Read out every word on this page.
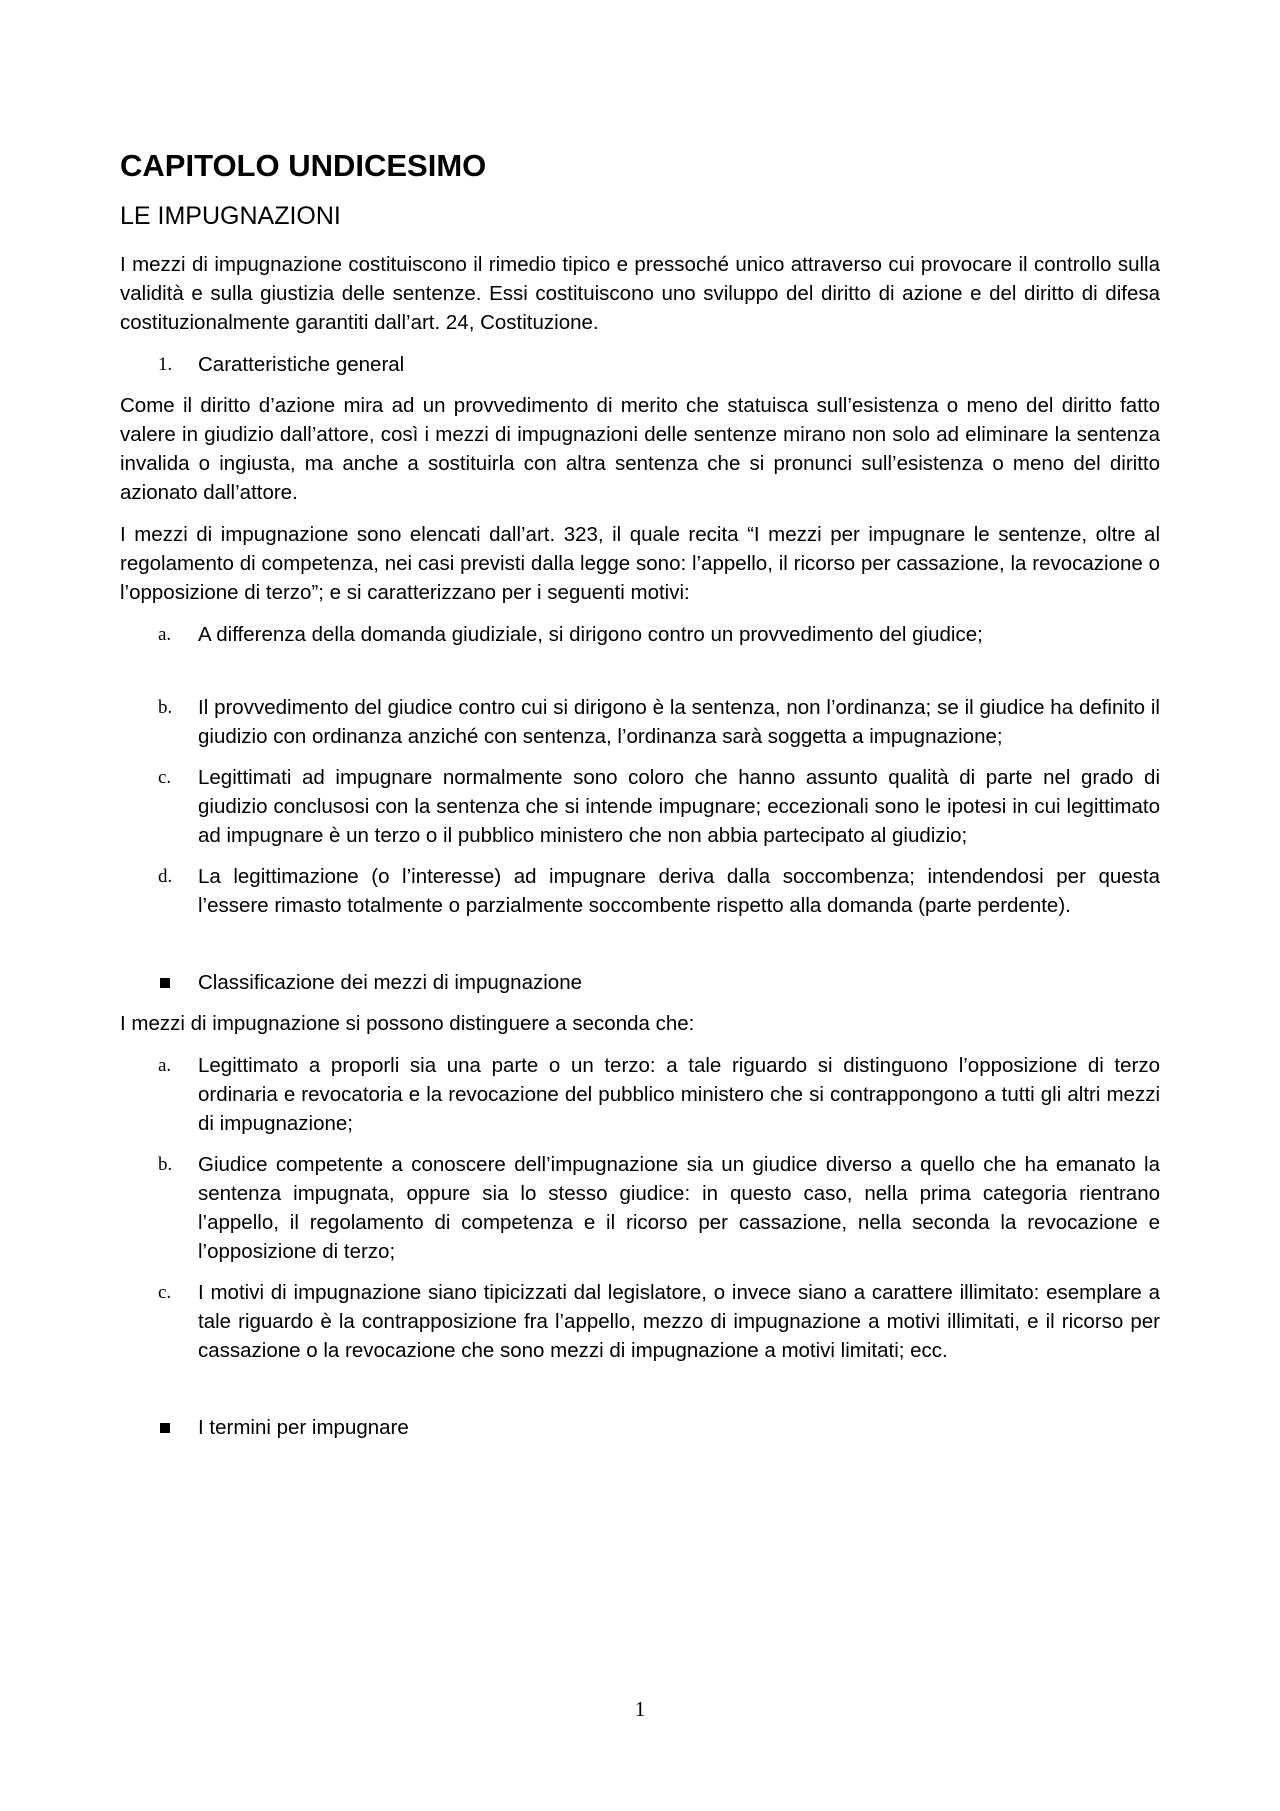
CAPITOLO UNDICESIMO
LE IMPUGNAZIONI

I mezzi di impugnazione costituiscono il rimedio tipico e pressoché unico attraverso cui provocare il controllo sulla validità e sulla giustizia delle sentenze. Essi costituiscono uno sviluppo del diritto di azione e del diritto di difesa costituzionalmente garantiti dall’art. 24, Costituzione.

1. Caratteristiche general

Come il diritto d’azione mira ad un provvedimento di merito che statuisca sull’esistenza o meno del diritto fatto valere in giudizio dall’attore, così i mezzi di impugnazioni delle sentenze mirano non solo ad eliminare la sentenza invalida o ingiusta, ma anche a sostituirla con altra sentenza che si pronunci sull’esistenza o meno del diritto azionato dall’attore.

I mezzi di impugnazione sono elencati dall’art. 323, il quale recita “I mezzi per impugnare le sentenze, oltre al regolamento di competenza, nei casi previsti dalla legge sono: l’appello, il ricorso per cassazione, la revocazione o l’opposizione di terzo”; e si caratterizzano per i seguenti motivi:

a. A differenza della domanda giudiziale, si dirigono contro un provvedimento del giudice;
b. Il provvedimento del giudice contro cui si dirigono è la sentenza, non l’ordinanza; se il giudice ha definito il giudizio con ordinanza anziché con sentenza, l’ordinanza sarà soggetta a impugnazione;
c. Legittimati ad impugnare normalmente sono coloro che hanno assunto qualità di parte nel grado di giudizio conclusosi con la sentenza che si intende impugnare; eccezionali sono le ipotesi in cui legittimato ad impugnare è un terzo o il pubblico ministero che non abbia partecipato al giudizio;
d. La legittimazione (o l’interesse) ad impugnare deriva dalla soccombenza; intendendosi per questa l’essere rimasto totalmente o parzialmente soccombente rispetto alla domanda (parte perdente).
Classificazione dei mezzi di impugnazione

I mezzi di impugnazione si possono distinguere a seconda che:

a. Legittimato a proporli sia una parte o un terzo: a tale riguardo si distinguono l’opposizione di terzo ordinaria e revocatoria e la revocazione del pubblico ministero che si contrappongono a tutti gli altri mezzi di impugnazione;
b. Giudice competente a conoscere dell’impugnazione sia un giudice diverso a quello che ha emanato la sentenza impugnata, oppure sia lo stesso giudice: in questo caso, nella prima categoria rientrano l’appello, il regolamento di competenza e il ricorso per cassazione, nella seconda la revocazione e l’opposizione di terzo;
c. I motivi di impugnazione siano tipicizzati dal legislatore, o invece siano a carattere illimitato: esemplare a tale riguardo è la contrapposizione fra l’appello, mezzo di impugnazione a motivi illimitati, e il ricorso per cassazione o la revocazione che sono mezzi di impugnazione a motivi limitati; ecc.
I termini per impugnare
1
